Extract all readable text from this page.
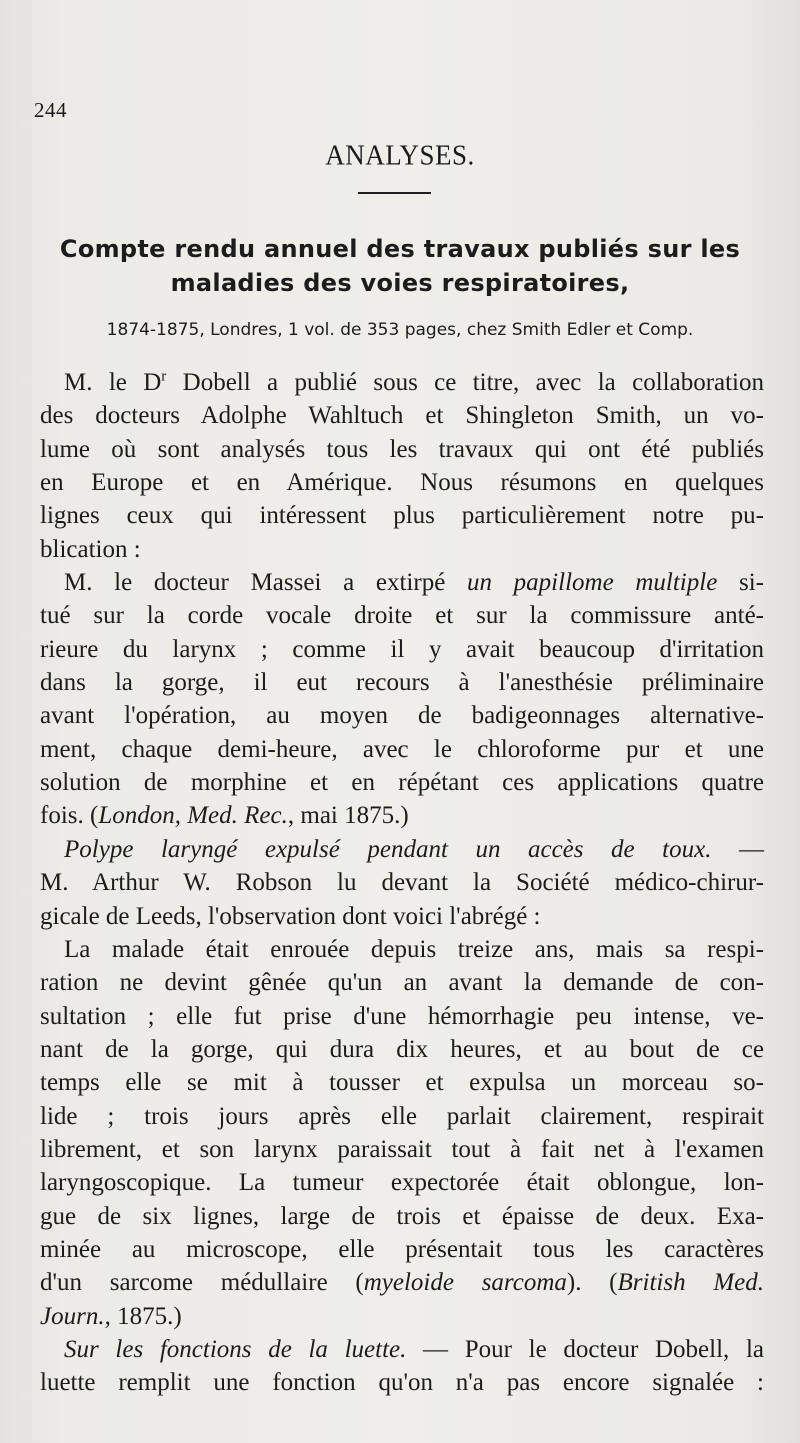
244
ANALYSES.
Compte rendu annuel des travaux publiés sur les maladies des voies respiratoires,
1874-1875, Londres, 1 vol. de 353 pages, chez Smith Edler et Comp.
M. le $D^r$ Dobell a publié sous ce titre, avec la collaboration
des docteurs Adolphe Wahltuch et Shingleton Smith, un vo-
lume où sont analysés tous les travaux qui ont été publiés
en Europe et en Amérique. Nous résumons en quelques
lignes ceux qui intéressent plus particulièrement notre pu-
blication :
M. le docteur Massei a extirpé un papillome multiple si-
tué sur la corde vocale droite et sur la commissure anté-
rieure du larynx ; comme il y avait beaucoup d'irritation
dans la gorge, il eut recours à l'anesthésie préliminaire
avant l'opération, au moyen de badigeonnages alternative-
ment, chaque demi-heure, avec le chloroforme pur et une
solution de morphine et en répétant ces applications quatre
fois. (London, Med. Rec., mai 1875.)
Polype laryngé expulsé pendant un accès de toux. —
M. Arthur W. Robson lu devant la Société médico-chirur-
gicale de Leeds, l'observation dont voici l'abrégé :
La malade était enrouée depuis treize ans, mais sa respi-
ration ne devint gênée qu'un an avant la demande de con-
sultation ; elle fut prise d'une hémorrhagie peu intense, ve-
nant de la gorge, qui dura dix heures, et au bout de ce
temps elle se mit à tousser et expulsa un morceau so-
lide ; trois jours après elle parlait clairement, respirait
librement, et son larynx paraissait tout à fait net à l'examen
laryngoscopique. La tumeur expectorée était oblongue, lon-
gue de six lignes, large de trois et épaisse de deux. Exa-
minée au microscope, elle présentait tous les caractères
d'un sarcome médullaire (myeloide sarcoma). (British Med.
Journ., 1875.)
Sur les fonctions de la luette. — Pour le docteur Dobell, la
luette remplit une fonction qu'on n'a pas encore signalée :
